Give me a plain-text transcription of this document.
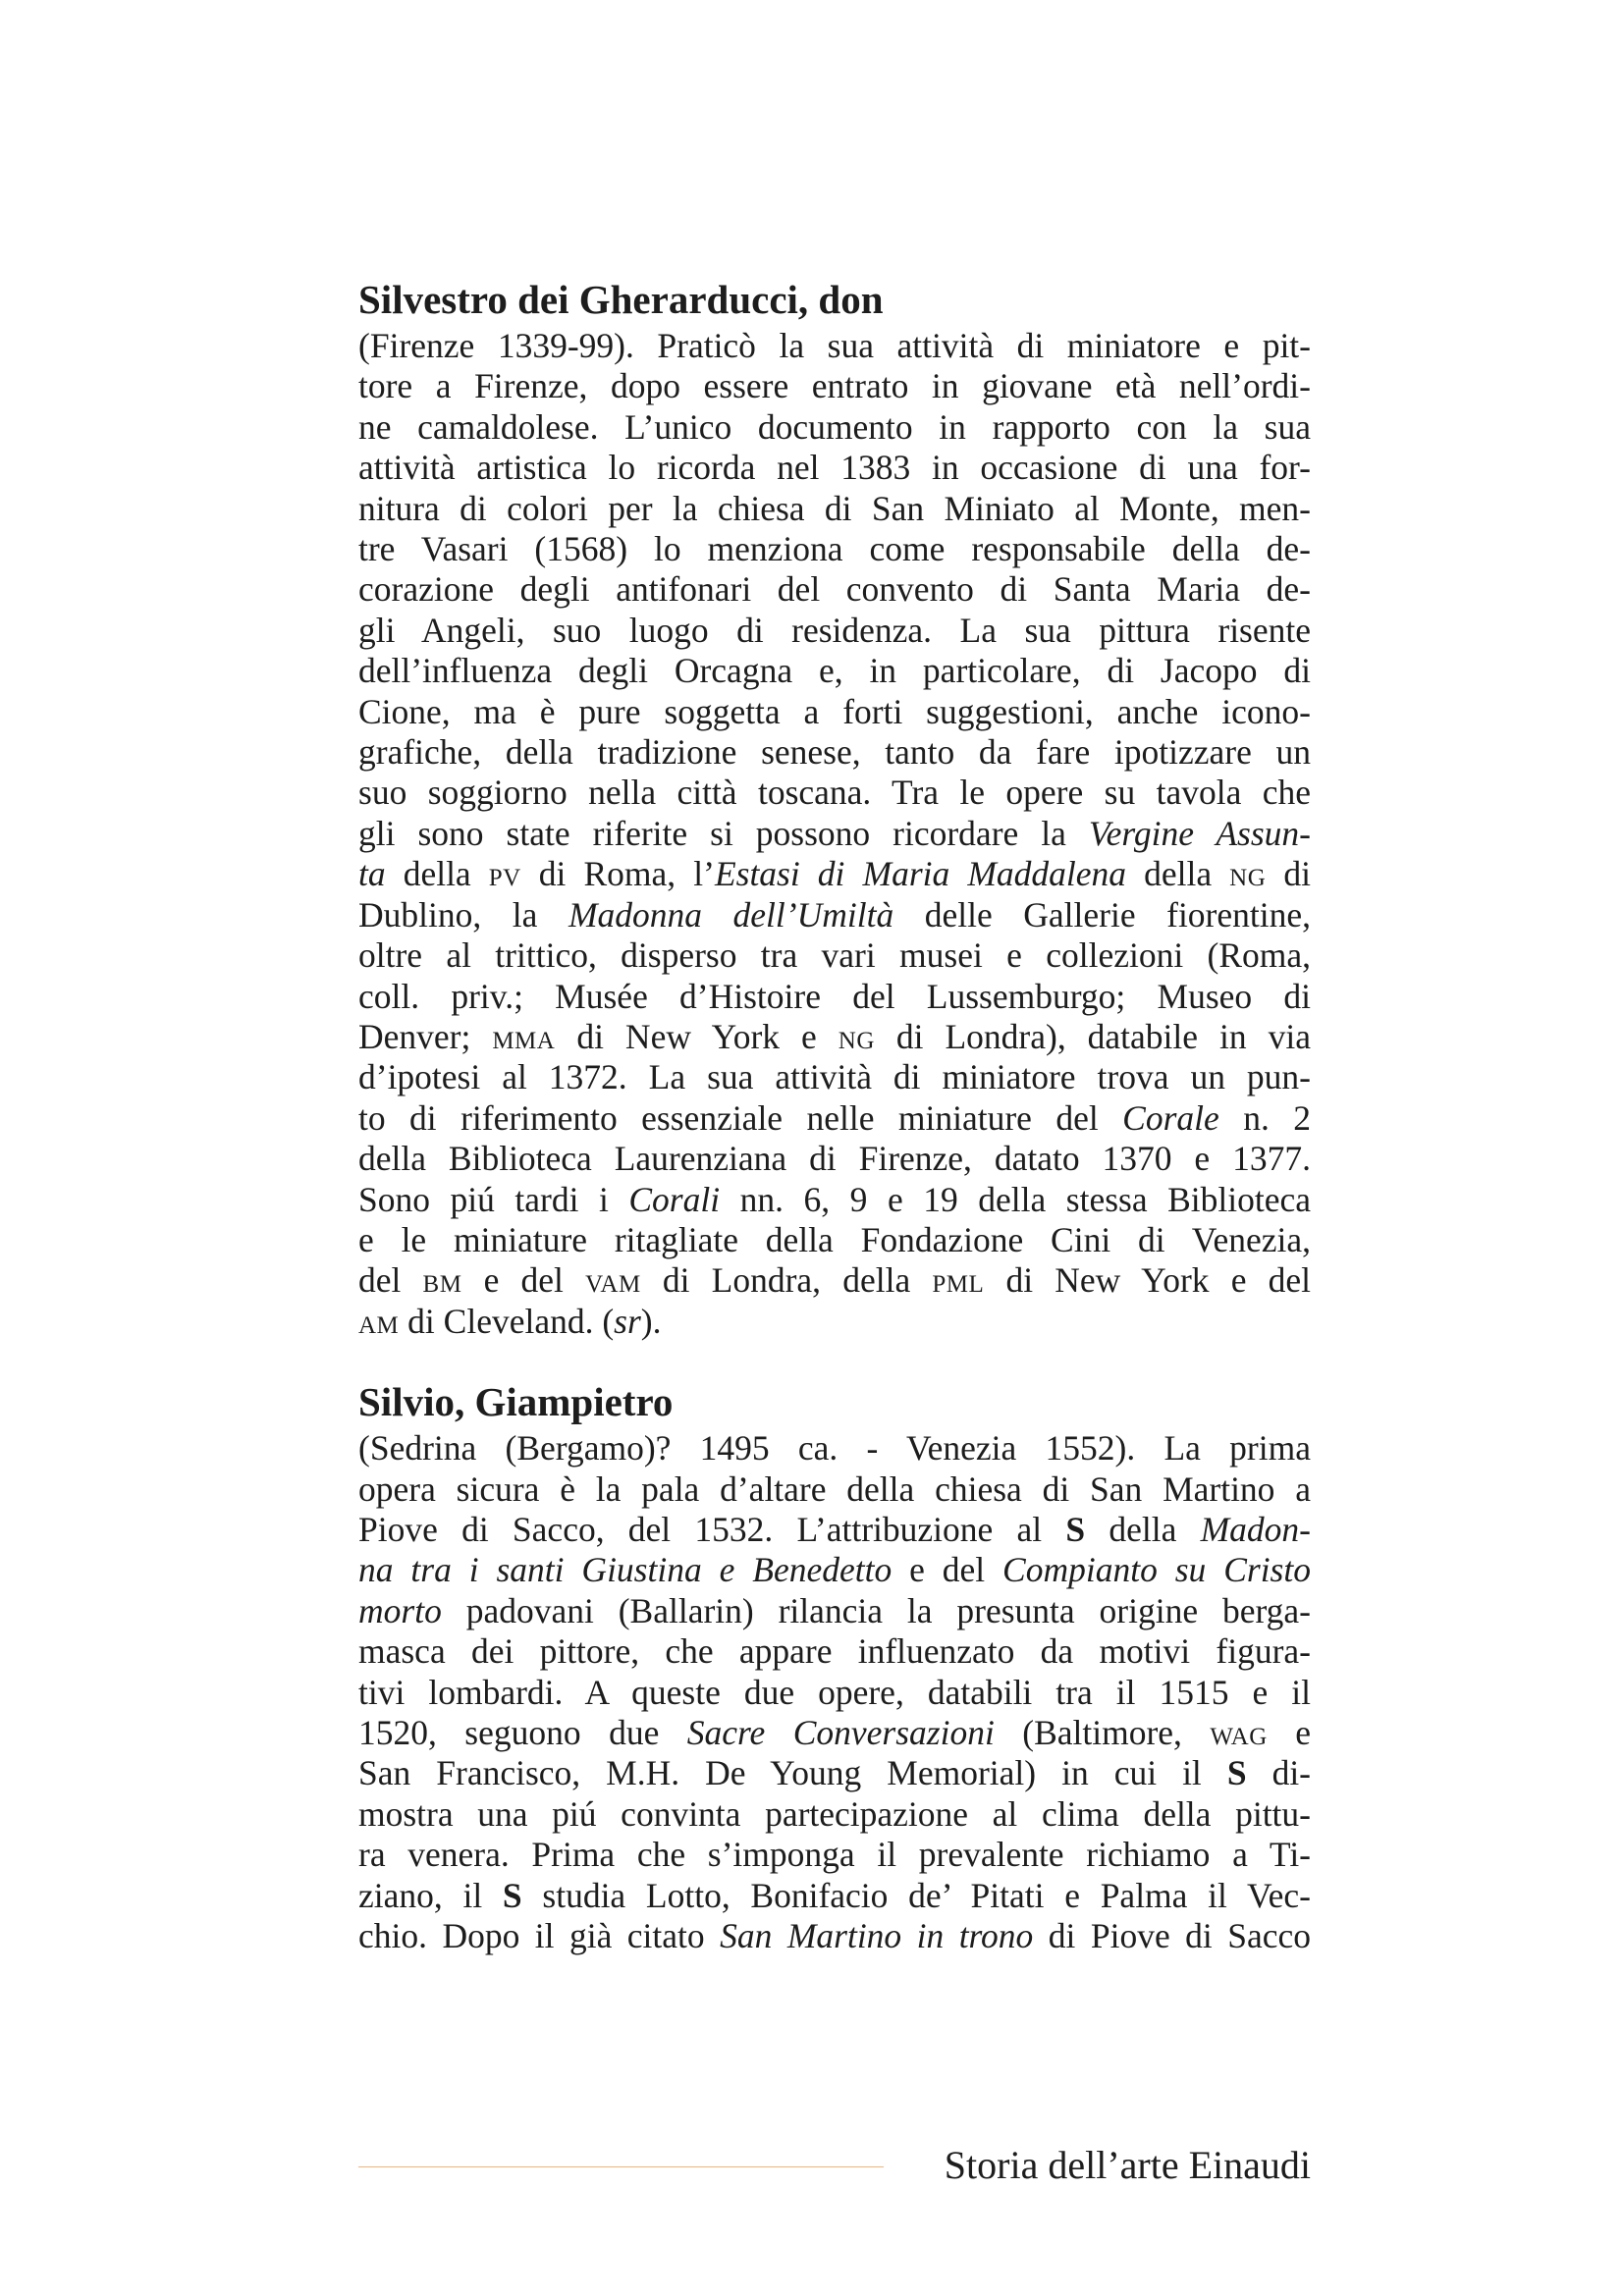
Silvestro dei Gherarducci, don
(Firenze 1339-99). Praticò la sua attività di miniatore e pit-
tore a Firenze, dopo essere entrato in giovane età nell’ordi-
ne camaldolese. L’unico documento in rapporto con la sua
attività artistica lo ricorda nel 1383 in occasione di una for-
nitura di colori per la chiesa di San Miniato al Monte, men-
tre Vasari (1568) lo menziona come responsabile della de-
corazione degli antifonari del convento di Santa Maria de-
gli Angeli, suo luogo di residenza. La sua pittura risente
dell’influenza degli Orcagna e, in particolare, di Jacopo di
Cione, ma è pure soggetta a forti suggestioni, anche icono-
grafiche, della tradizione senese, tanto da fare ipotizzare un
suo soggiorno nella città toscana. Tra le opere su tavola che
gli sono state riferite si possono ricordare la Vergine Assun-
ta della pv di Roma, l’Estasi di Maria Maddalena della ng di
Dublino, la Madonna dell’Umiltà delle Gallerie fiorentine,
oltre al trittico, disperso tra vari musei e collezioni (Roma,
coll. priv.; Musée d’Histoire del Lussemburgo; Museo di
Denver; mma di New York e ng di Londra), databile in via
d’ipotesi al 1372. La sua attività di miniatore trova un pun-
to di riferimento essenziale nelle miniature del Corale n. 2
della Biblioteca Laurenziana di Firenze, datato 1370 e 1377.
Sono piú tardi i Corali nn. 6, 9 e 19 della stessa Biblioteca
e le miniature ritagliate della Fondazione Cini di Venezia,
del bm e del vam di Londra, della pml di New York e del
am di Cleveland. (sr).
Silvio, Giampietro
(Sedrina (Bergamo)? 1495 ca. - Venezia 1552). La prima
opera sicura è la pala d’altare della chiesa di San Martino a
Piove di Sacco, del 1532. L’attribuzione al S della Madon-
na tra i santi Giustina e Benedetto e del Compianto su Cristo
morto padovani (Ballarin) rilancia la presunta origine berga-
masca dei pittore, che appare influenzato da motivi figura-
tivi lombardi. A queste due opere, databili tra il 1515 e il
1520, seguono due Sacre Conversazioni (Baltimore, wag e
San Francisco, M.H. De Young Memorial) in cui il S di-
mostra una piú convinta partecipazione al clima della pittu-
ra venera. Prima che s’imponga il prevalente richiamo a Ti-
ziano, il S studia Lotto, Bonifacio de’ Pitati e Palma il Vec-
chio. Dopo il già citato San Martino in trono di Piove di Sacco
Storia dell’arte Einaudi
